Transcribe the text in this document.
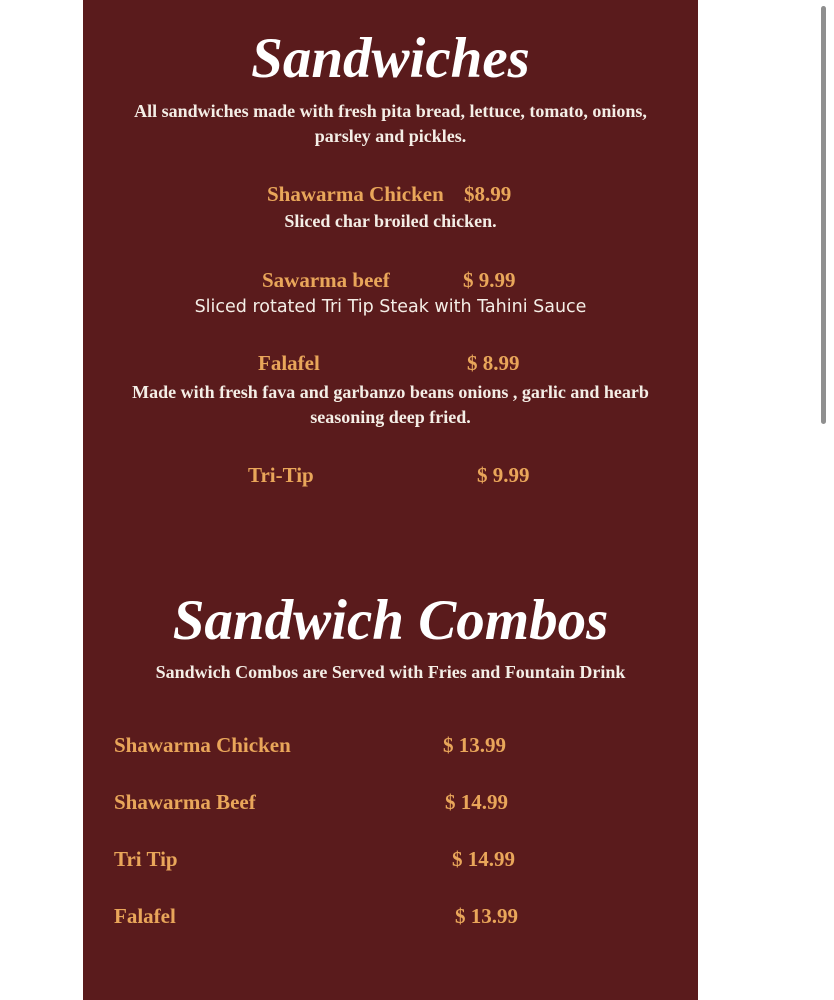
Sandwiches

All sandwiches made with fresh pita bread, lettuce, tomato, onions, parsley and pickles.

Shawarma Chicken $8.99

Sliced char broiled chicken.

Sawarma beef	$ 9.99

Sliced rotated Tri Tip Steak with Tahini Sauce

Falafel	$ 8.99

Made with fresh fava and garbanzo beans onions , garlic and hearb seasoning deep fried.

Tri-Tip	$ 9.99
Sandwich Combos

Sandwich Combos are Served with Fries and Fountain Drink

Shawarma Chicken	$ 13.99
Shawarma Beef	$ 14.99
Tri Tip	$ 14.99
Falafel	$ 13.99
